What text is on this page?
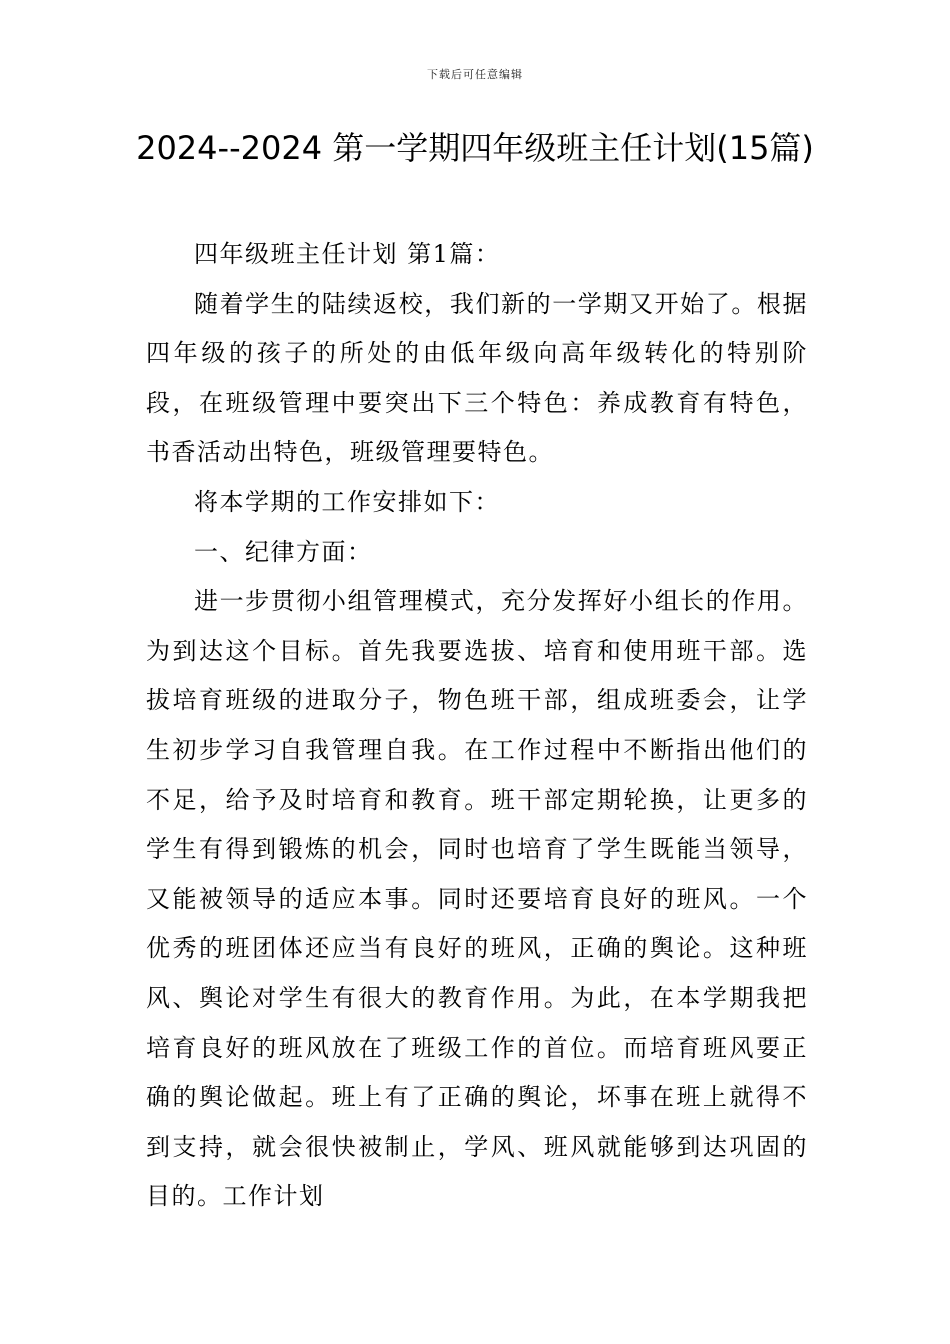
下载后可任意编辑
2024--2024 第一学期四年级班主任计划(15篇)

四年级班主任计划 第1篇：

随着学生的陆续返校，我们新的一学期又开始了。根据四年级的孩子的所处的由低年级向高年级转化的特别阶段，在班级管理中要突出下三个特色：养成教育有特色，书香活动出特色，班级管理要特色。

将本学期的工作安排如下：

一、纪律方面：

进一步贯彻小组管理模式，充分发挥好小组长的作用。为到达这个目标。首先我要选拔、培育和使用班干部。选拔培育班级的进取分子，物色班干部，组成班委会，让学生初步学习自我管理自我。在工作过程中不断指出他们的不足，给予及时培育和教育。班干部定期轮换，让更多的学生有得到锻炼的机会，同时也培育了学生既能当领导，又能被领导的适应本事。同时还要培育良好的班风。一个优秀的班团体还应当有良好的班风，正确的舆论。这种班风、舆论对学生有很大的教育作用。为此，在本学期我把培育良好的班风放在了班级工作的首位。而培育班风要正确的舆论做起。班上有了正确的舆论，坏事在班上就得不到支持，就会很快被制止，学风、班风就能够到达巩固的目的。工作计划
